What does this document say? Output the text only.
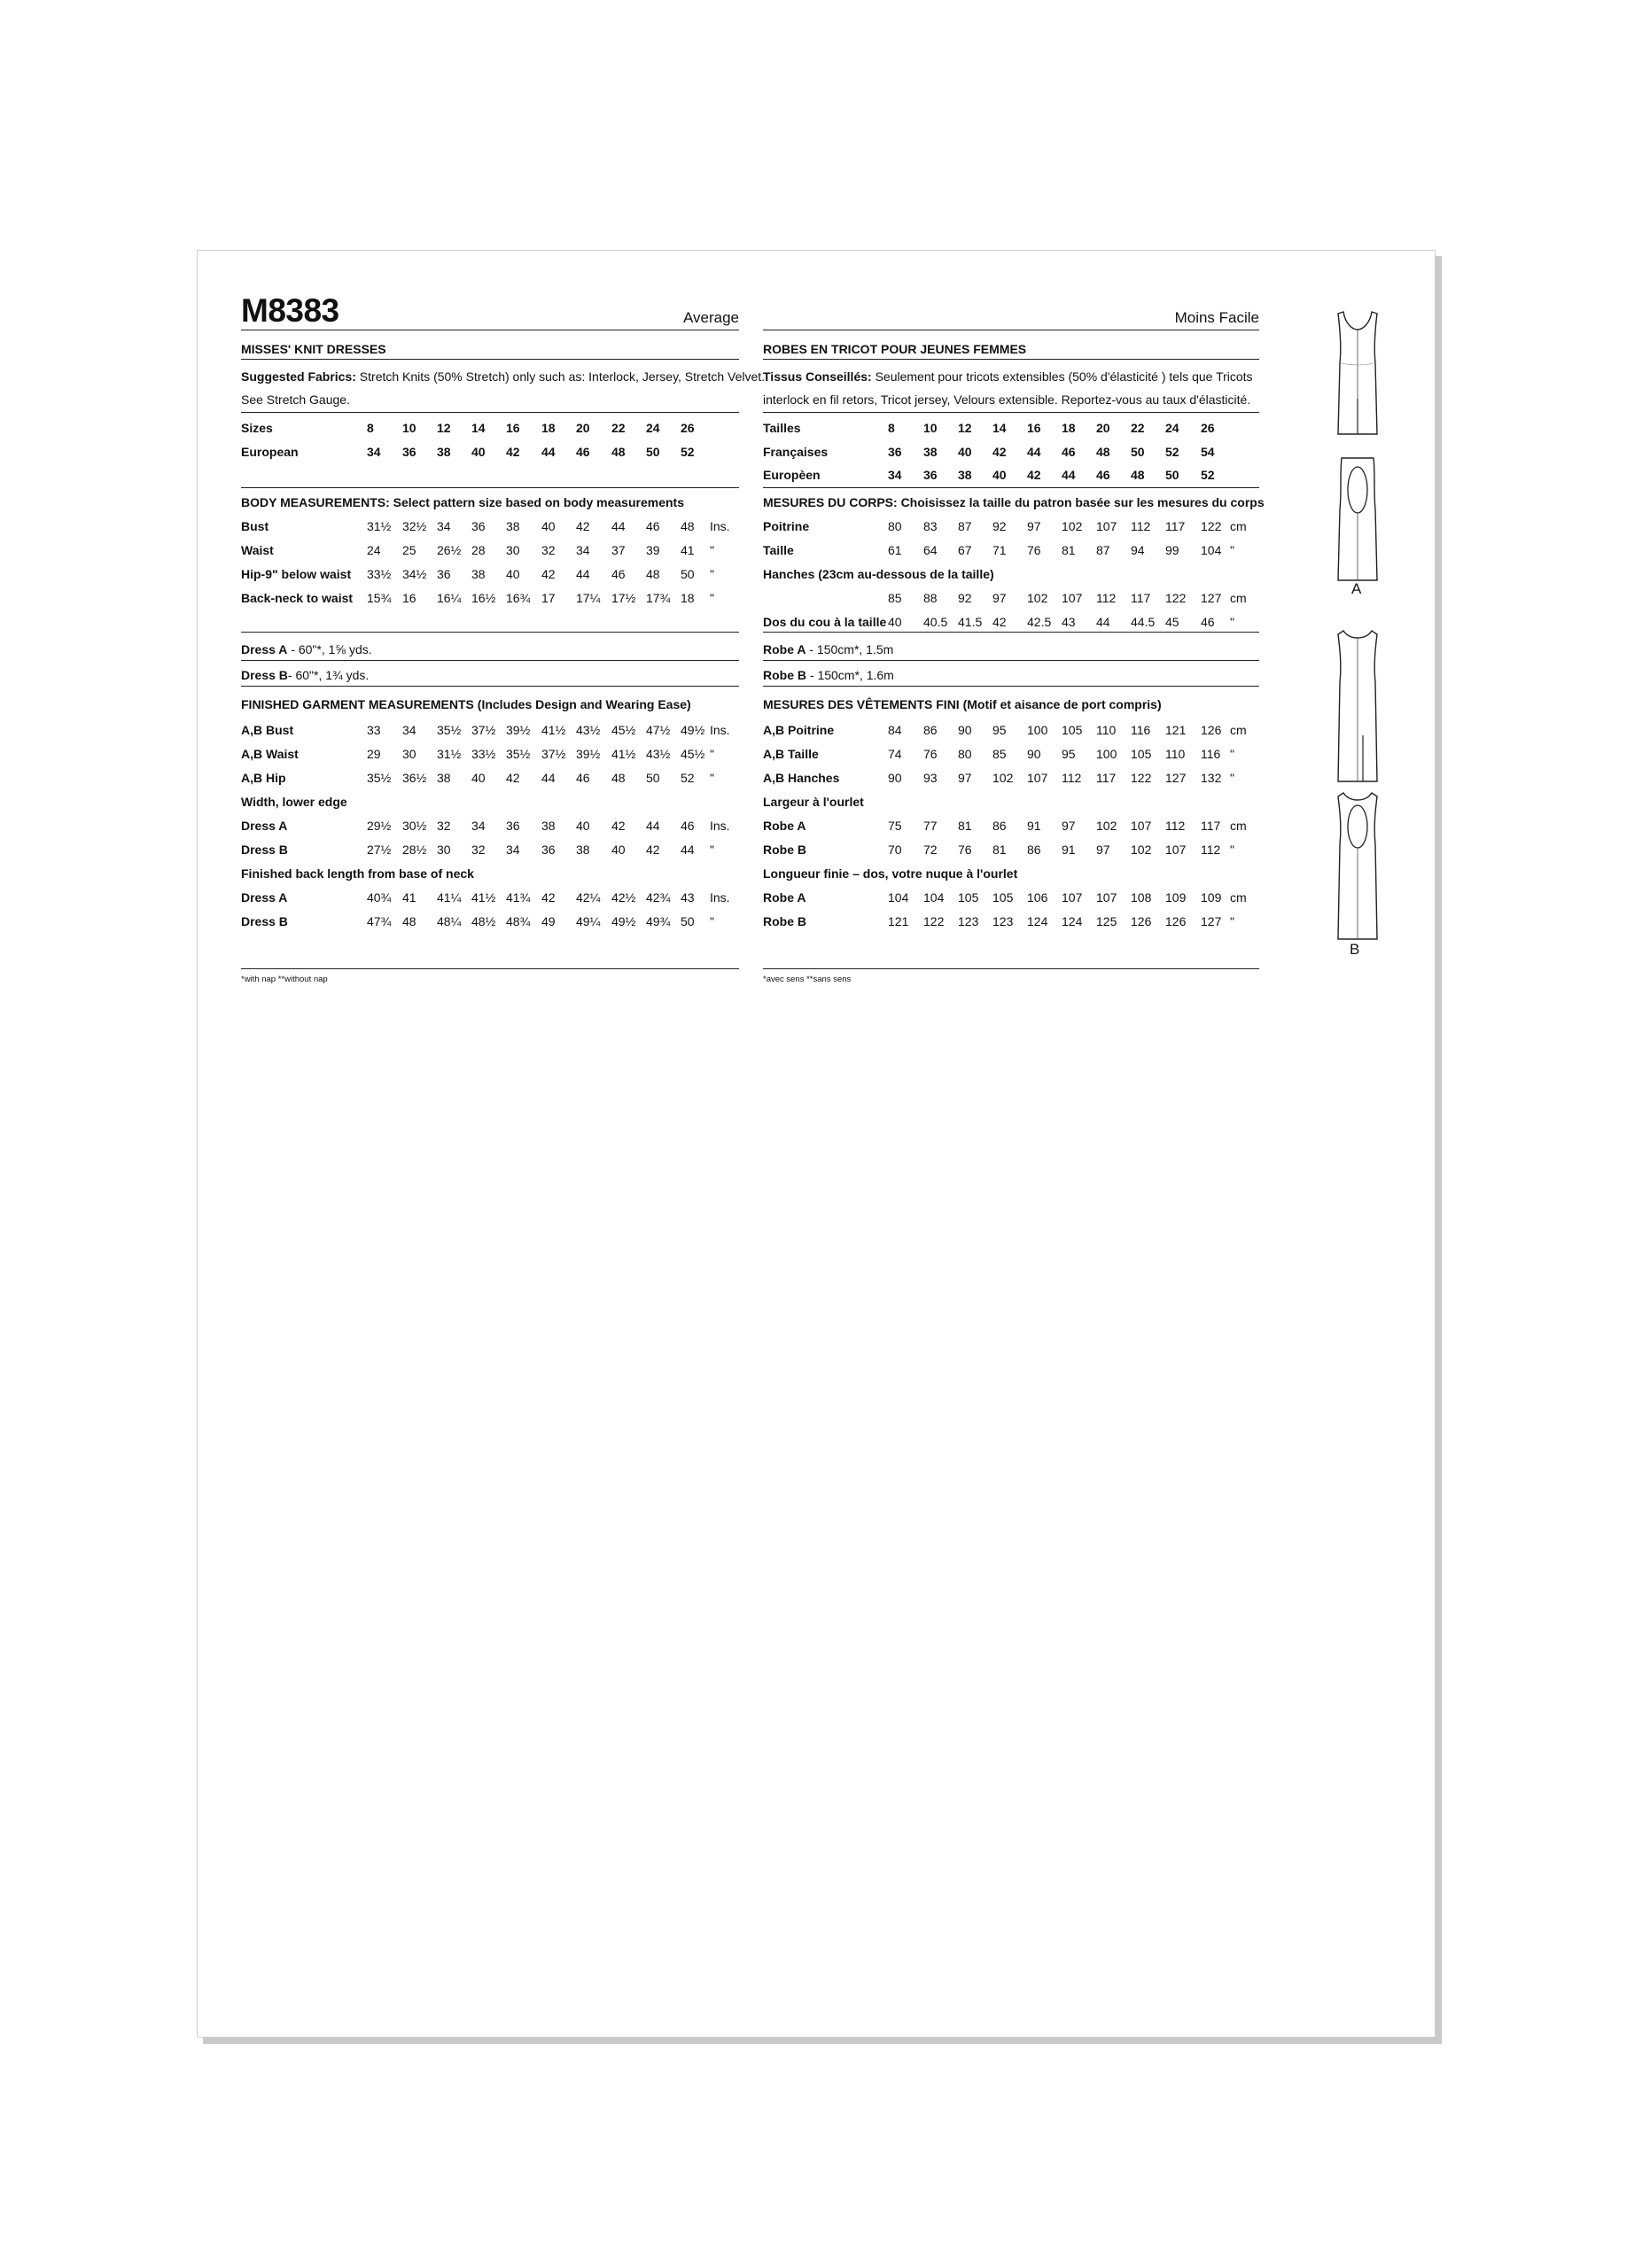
M8383	Average	Moins Facile
MISSES' KNIT DRESSES
Suggested Fabrics: Stretch Knits (50% Stretch) only such as: Interlock, Jersey, Stretch Velvet.
See Stretch Gauge.
Sizes	8 10 12 14 16 18 20 22 24 26
European	34 36 38 40 42 44 46 48 50 52
BODY MEASUREMENTS: Select pattern size based on body measurements
Bust	31½ 32½ 34 36 38 40 42 44 46 48 Ins.
Waist	24 25 26½ 28 30 32 34 37 39 41 "
Hip-9" below waist 33½ 34½ 36 38 40 42 44 46 48 50 "
Back-neck to waist 15¾ 16 16¼ 16½ 16¾ 17 17¼ 17½ 17¾ 18 "
Dress A - 60"*, 1⅝ yds.
Dress B- 60"*, 1¾ yds.
FINISHED GARMENT MEASUREMENTS (Includes Design and Wearing Ease)
A,B Bust	33 34 35½ 37½ 39½ 41½ 43½ 45½ 47½ 49½ Ins.
A,B Waist	29 30 31½ 33½ 35½ 37½ 39½ 41½ 43½ 45½ "
A,B Hip	35½ 36½ 38 40 42 44 46 48 50 52 "
Width, lower edge
Dress A	29½ 30½ 32 34 36 38 40 42 44 46 Ins.
Dress B	27½ 28½ 30 32 34 36 38 40 42 44 "
Finished back length from base of neck
Dress A	40¾ 41 41¼ 41½ 41¾ 42 42¼ 42½ 42¾ 43 Ins.
Dress B	47¾ 48 48¼ 48½ 48¾ 49 49¼ 49½ 49¾ 50 "
*with nap **without nap
ROBES EN TRICOT POUR JEUNES FEMMES
Tissus Conseillés: Seulement pour tricots extensibles (50% d'élasticité ) tels que Tricots
interlock en fil retors, Tricot jersey, Velours extensible. Reportez-vous au taux d'élasticité.
Tailles	8 10 12 14 16 18 20 22 24 26
Françaises	36 38 40 42 44 46 48 50 52 54
Europèen	34 36 38 40 42 44 46 48 50 52
MESURES DU CORPS: Choisissez la taille du patron basée sur les mesures du corps
Poitrine	80 83 87 92 97 102 107 112 117 122 cm
Taille	61 64 67 71 76 81 87 94 99 104 "
Hanches (23cm au-dessous de la taille)
85 88 92 97 102 107 112 117 122 127 cm
Dos du cou à la taille 40 40.5 41.5 42 42.5 43 44 44.5 45 46 "
Robe A - 150cm*, 1.5m
Robe B - 150cm*, 1.6m
MESURES DES VÊTEMENTS FINI (Motif et aisance de port compris)
A,B Poitrine	84 86 90 95 100 105 110 116 121 126 cm
A,B Taille	74 76 80 85 90 95 100 105 110 116 "
A,B Hanches	90 93 97 102 107 112 117 122 127 132 "
Largeur à l'ourlet
Robe A	75 77 81 86 91 97 102 107 112 117 cm
Robe B	70 72 76 81 86 91 97 102 107 112 "
Longueur finie – dos, votre nuque à l'ourlet
Robe A	104 104 105 105 106 107 107 108 109 109 cm
Robe B	121 122 123 123 124 124 125 126 126 127 "
*avec sens **sans sens
A
B
